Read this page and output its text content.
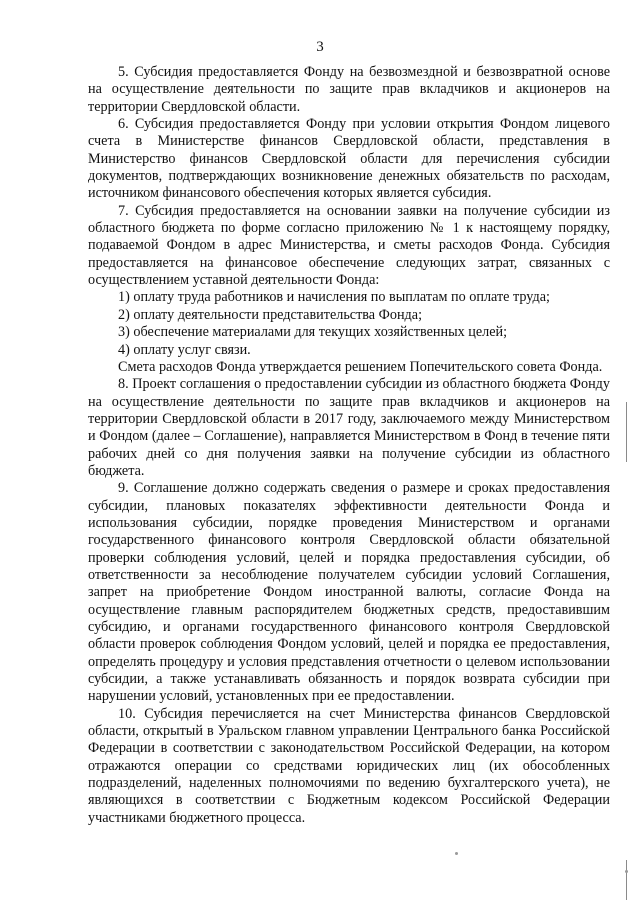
3

5. Субсидия предоставляется Фонду на безвозмездной и безвозвратной основе на осуществление деятельности по защите прав вкладчиков и акционеров на территории Свердловской области.

6. Субсидия предоставляется Фонду при условии открытия Фондом лицевого счета в Министерстве финансов Свердловской области, представления в Министерство финансов Свердловской области для перечисления субсидии документов, подтверждающих возникновение денежных обязательств по расходам, источником финансового обеспечения которых является субсидия.

7. Субсидия предоставляется на основании заявки на получение субсидии из областного бюджета по форме согласно приложению № 1 к настоящему порядку, подаваемой Фондом в адрес Министерства, и сметы расходов Фонда. Субсидия предоставляется на финансовое обеспечение следующих затрат, связанных с осуществлением уставной деятельности Фонда:

1) оплату труда работников и начисления по выплатам по оплате труда;

2) оплату деятельности представительства Фонда;

3) обеспечение материалами для текущих хозяйственных целей;

4) оплату услуг связи.

Смета расходов Фонда утверждается решением Попечительского совета Фонда.

8. Проект соглашения о предоставлении субсидии из областного бюджета Фонду на осуществление деятельности по защите прав вкладчиков и акционеров на территории Свердловской области в 2017 году, заключаемого между Министерством и Фондом (далее – Соглашение), направляется Министерством в Фонд в течение пяти рабочих дней со дня получения заявки на получение субсидии из областного бюджета.

9. Соглашение должно содержать сведения о размере и сроках предоставления субсидии, плановых показателях эффективности деятельности Фонда и использования субсидии, порядке проведения Министерством и органами государственного финансового контроля Свердловской области обязательной проверки соблюдения условий, целей и порядка предоставления субсидии, об ответственности за несоблюдение получателем субсидии условий Соглашения, запрет на приобретение Фондом иностранной валюты, согласие Фонда на осуществление главным распорядителем бюджетных средств, предоставившим субсидию, и органами государственного финансового контроля Свердловской области проверок соблюдения Фондом условий, целей и порядка ее предоставления, определять процедуру и условия представления отчетности о целевом использовании субсидии, а также устанавливать обязанность и порядок возврата субсидии при нарушении условий, установленных при ее предоставлении.

10. Субсидия перечисляется на счет Министерства финансов Свердловской области, открытый в Уральском главном управлении Центрального банка Российской Федерации в соответствии с законодательством Российской Федерации, на котором отражаются операции со средствами юридических лиц (их обособленных подразделений, наделенных полномочиями по ведению бухгалтерского учета), не являющихся в соответствии с Бюджетным кодексом Российской Федерации участниками бюджетного процесса.
